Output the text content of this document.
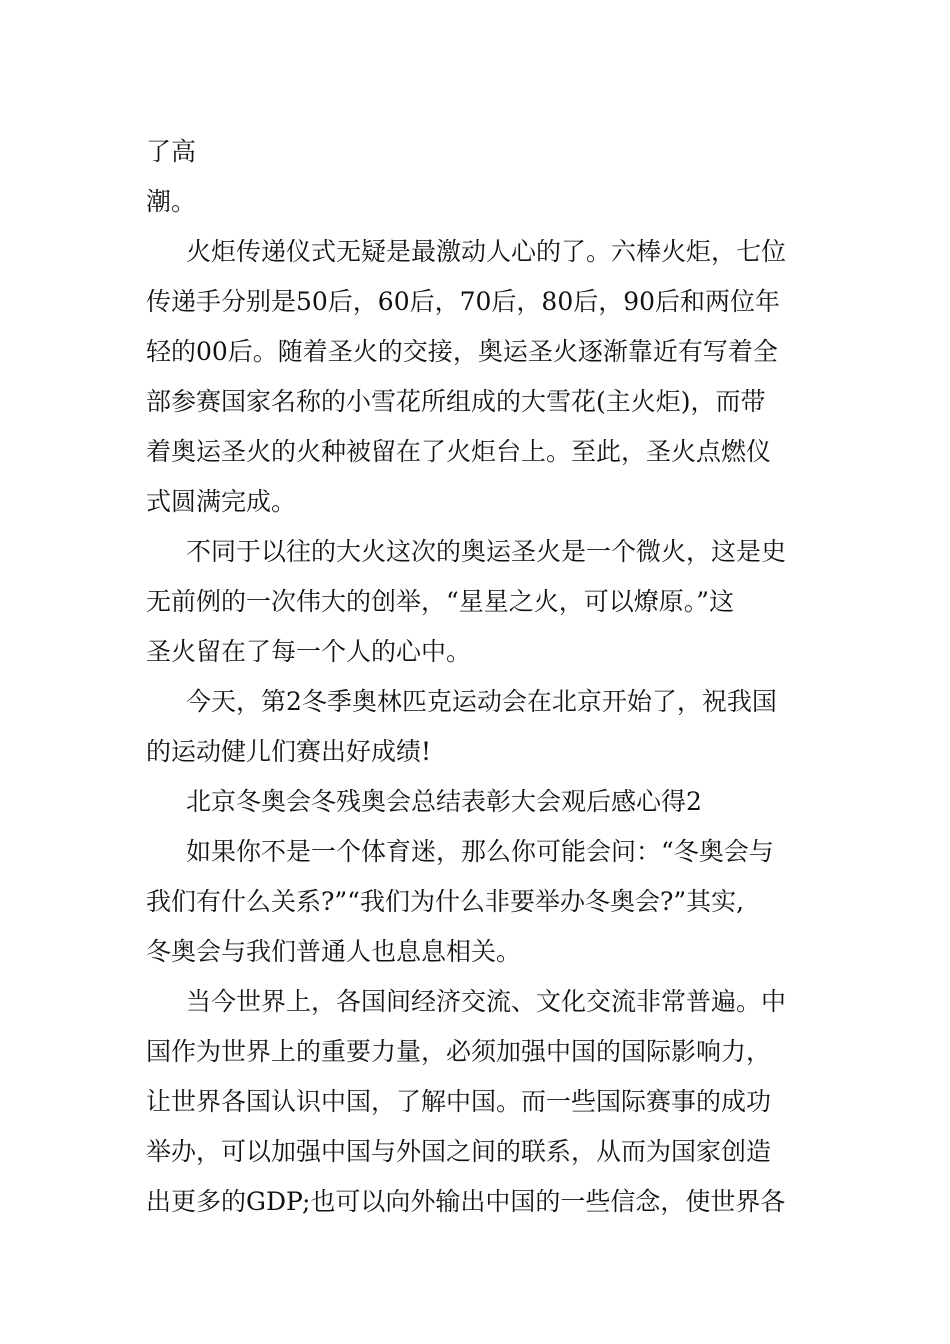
了高
潮。
火炬传递仪式无疑是最激动人心的了。六棒火炬，七位
传递手分别是50后，60后，70后，80后，90后和两位年
轻的00后。随着圣火的交接，奥运圣火逐渐靠近有写着全
部参赛国家名称的小雪花所组成的大雪花(主火炬)，而带
着奥运圣火的火种被留在了火炬台上。至此，圣火点燃仪
式圆满完成。
不同于以往的大火这次的奥运圣火是一个微火，这是史
无前例的一次伟大的创举，“星星之火，可以燎原。”这
圣火留在了每一个人的心中。
今天，第2冬季奥林匹克运动会在北京开始了，祝我国
的运动健儿们赛出好成绩!
北京冬奥会冬残奥会总结表彰大会观后感心得2
如果你不是一个体育迷，那么你可能会问：“冬奥会与
我们有什么关系?”“我们为什么非要举办冬奥会?”其实,
冬奥会与我们普通人也息息相关。
当今世界上，各国间经济交流、文化交流非常普遍。中
国作为世界上的重要力量，必须加强中国的国际影响力，
让世界各国认识中国，了解中国。而一些国际赛事的成功
举办，可以加强中国与外国之间的联系，从而为国家创造
出更多的GDP;也可以向外输出中国的一些信念，使世界各
